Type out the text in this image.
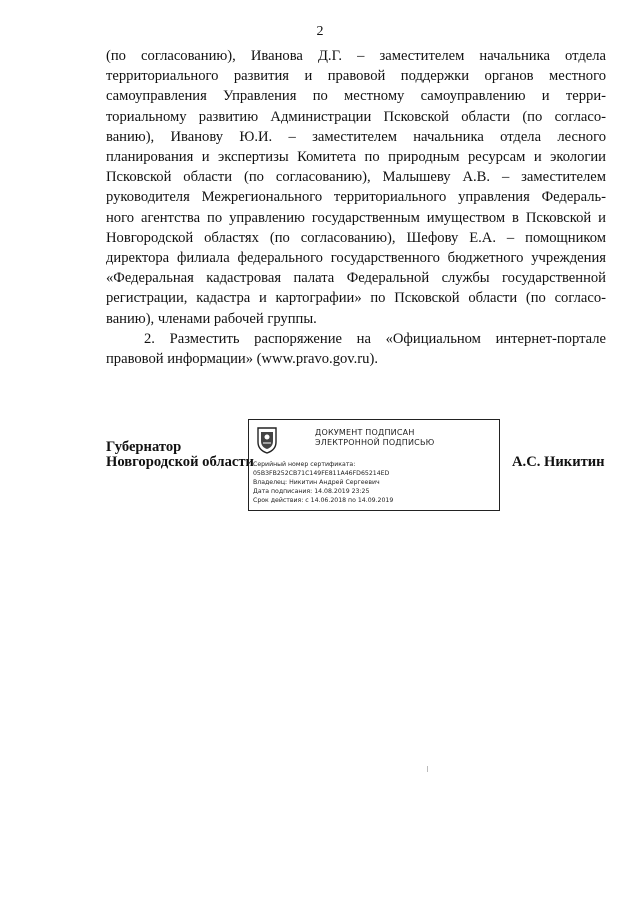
2
(по согласованию), Иванова Д.Г. – заместителем начальника отдела
территориального развития и правовой поддержки органов местного
самоуправления Управления по местному самоуправлению и терри-
ториальному развитию Администрации Псковской области (по согласо-
ванию), Иванову Ю.И. – заместителем начальника отдела лесного
планирования и экспертизы Комитета по природным ресурсам и экологии
Псковской области (по согласованию), Малышеву А.В. – заместителем
руководителя Межрегионального территориального управления Федераль-
ного агентства по управлению государственным имуществом в Псковской и
Новгородской областях (по согласованию), Шефову Е.А. – помощником
директора филиала федерального государственного бюджетного учреждения
«Федеральная кадастровая палата Федеральной службы государственной
регистрации, кадастра и картографии» по Псковской области (по согласо-
ванию), членами рабочей группы.
2. Разместить распоряжение на «Официальном интернет-портале
правовой информации» (www.pravo.gov.ru).
Губернатор
Новгородской области
ДОКУМЕНТ ПОДПИСАН
ЭЛЕКТРОННОЙ ПОДПИСЬЮ
Серийный номер сертификата:
05B3FB252CB71C149FE811A46FD65214ED
Владелец: Никитин Андрей Сергеевич
Дата подписания: 14.08.2019 23:25
Срок действия: с 14.06.2018 по 14.09.2019
А.С. Никитин
